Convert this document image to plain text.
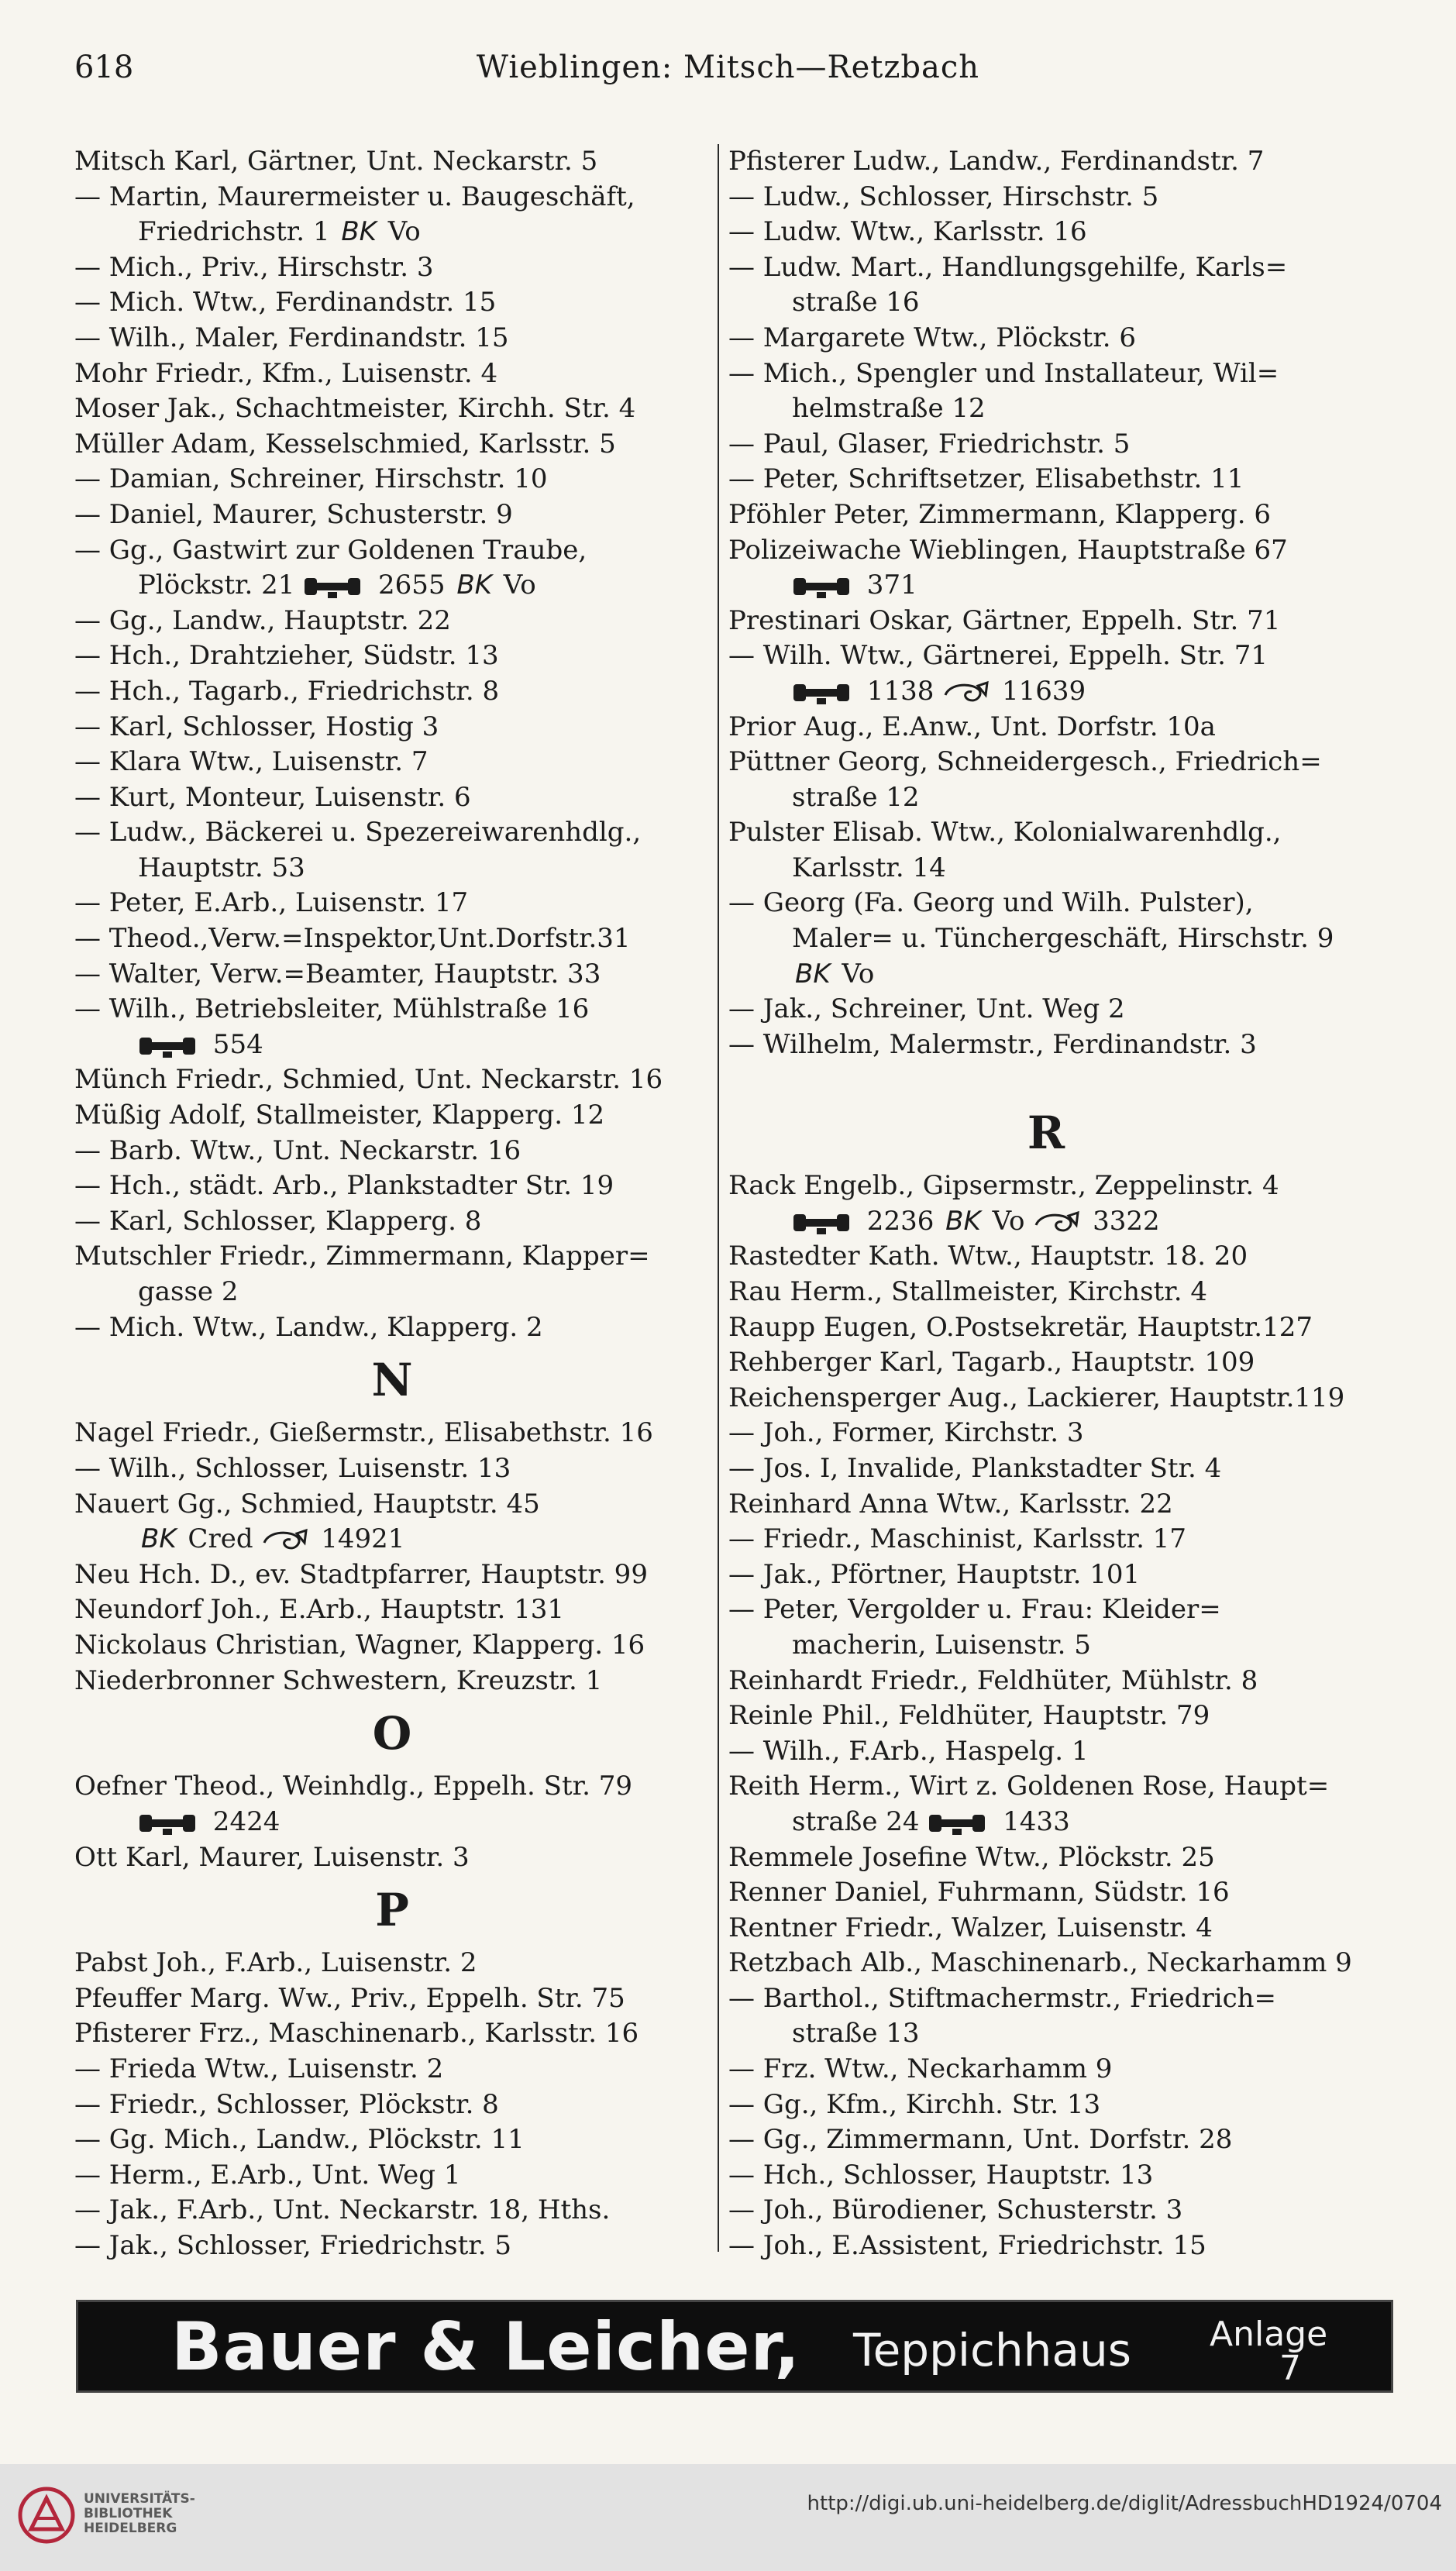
618	Wieblingen: Mitsch—Retzbach
Mitsch Karl, Gärtner, Unt. Neckarstr. 5
— Martin, Maurermeister u. Baugeschäft,
Friedrichstr. 1 BK Vo
— Mich., Priv., Hirschstr. 3
— Mich. Wtw., Ferdinandstr. 15
— Wilh., Maler, Ferdinandstr. 15
Mohr Friedr., Kfm., Luisenstr. 4
Moser Jak., Schachtmeister, Kirchh. Str. 4
Müller Adam, Kesselschmied, Karlsstr. 5
— Damian, Schreiner, Hirschstr. 10
— Daniel, Maurer, Schusterstr. 9
— Gg., Gastwirt zur Goldenen Traube,
Plöckstr. 21	2655 BK Vo
— Gg., Landw., Hauptstr. 22
— Hch., Drahtzieher, Südstr. 13
— Hch., Tagarb., Friedrichstr. 8
— Karl, Schlosser, Hostig 3
— Klara Wtw., Luisenstr. 7
— Kurt, Monteur, Luisenstr. 6
— Ludw., Bäckerei u. Spezereiwarenhdlg.,
Hauptstr. 53
— Peter, E.Arb., Luisenstr. 17
— Theod.,Verw.=Inspektor,Unt.Dorfstr.31
— Walter, Verw.=Beamter, Hauptstr. 33
— Wilh., Betriebsleiter, Mühlstraße 16
554
Münch Friedr., Schmied, Unt. Neckarstr. 16
Müßig Adolf, Stallmeister, Klapperg. 12
— Barb. Wtw., Unt. Neckarstr. 16
— Hch., städt. Arb., Plankstadter Str. 19
— Karl, Schlosser, Klapperg. 8
Mutschler Friedr., Zimmermann, Klapper=
gasse 2
— Mich. Wtw., Landw., Klapperg. 2
N
Nagel Friedr., Gießermstr., Elisabethstr. 16
— Wilh., Schlosser, Luisenstr. 13
Nauert Gg., Schmied, Hauptstr. 45
BK Cred  14921
Neu Hch. D., ev. Stadtpfarrer, Hauptstr. 99
Neundorf Joh., E.Arb., Hauptstr. 131
Nickolaus Christian, Wagner, Klapperg. 16
Niederbronner Schwestern, Kreuzstr. 1
O
Oefner Theod., Weinhdlg., Eppelh. Str. 79
2424
Ott Karl, Maurer, Luisenstr. 3
P
Pabst Joh., F.Arb., Luisenstr. 2
Pfeuffer Marg. Ww., Priv., Eppelh. Str. 75
Pfisterer Frz., Maschinenarb., Karlsstr. 16
— Frieda Wtw., Luisenstr. 2
— Friedr., Schlosser, Plöckstr. 8
— Gg. Mich., Landw., Plöckstr. 11
— Herm., E.Arb., Unt. Weg 1
— Jak., F.Arb., Unt. Neckarstr. 18, Hths.
— Jak., Schlosser, Friedrichstr. 5
Pfisterer Ludw., Landw., Ferdinandstr. 7
— Ludw., Schlosser, Hirschstr. 5
— Ludw. Wtw., Karlsstr. 16
— Ludw. Mart., Handlungsgehilfe, Karls=
straße 16
— Margarete Wtw., Plöckstr. 6
— Mich., Spengler und Installateur, Wil=
helmstraße 12
— Paul, Glaser, Friedrichstr. 5
— Peter, Schriftsetzer, Elisabethstr. 11
Pföhler Peter, Zimmermann, Klapperg. 6
Polizeiwache Wieblingen, Hauptstraße 67
371
Prestinari Oskar, Gärtner, Eppelh. Str. 71
— Wilh. Wtw., Gärtnerei, Eppelh. Str. 71
1138  11639
Prior Aug., E.Anw., Unt. Dorfstr. 10a
Püttner Georg, Schneidergesch., Friedrich=
straße 12
Pulster Elisab. Wtw., Kolonialwarenhdlg.,
Karlsstr. 14
— Georg (Fa. Georg und Wilh. Pulster),
Maler= u. Tünchergeschäft, Hirschstr. 9
BK Vo
— Jak., Schreiner, Unt. Weg 2
— Wilhelm, Malermstr., Ferdinandstr. 3
R
Rack Engelb., Gipsermstr., Zeppelinstr. 4
2236 BK Vo  3322
Rastedter Kath. Wtw., Hauptstr. 18. 20
Rau Herm., Stallmeister, Kirchstr. 4
Raupp Eugen, O.Postsekretär, Hauptstr.127
Rehberger Karl, Tagarb., Hauptstr. 109
Reichensperger Aug., Lackierer, Hauptstr.119
— Joh., Former, Kirchstr. 3
— Jos. I, Invalide, Plankstadter Str. 4
Reinhard Anna Wtw., Karlsstr. 22
— Friedr., Maschinist, Karlsstr. 17
— Jak., Pförtner, Hauptstr. 101
— Peter, Vergolder u. Frau: Kleider=
macherin, Luisenstr. 5
Reinhardt Friedr., Feldhüter, Mühlstr. 8
Reinle Phil., Feldhüter, Hauptstr. 79
— Wilh., F.Arb., Haspelg. 1
Reith Herm., Wirt z. Goldenen Rose, Haupt=
straße 24	1433
Remmele Josefine Wtw., Plöckstr. 25
Renner Daniel, Fuhrmann, Südstr. 16
Rentner Friedr., Walzer, Luisenstr. 4
Retzbach Alb., Maschinenarb., Neckarhamm 9
— Barthol., Stiftmachermstr., Friedrich=
straße 13
— Frz. Wtw., Neckarhamm 9
— Gg., Kfm., Kirchh. Str. 13
— Gg., Zimmermann, Unt. Dorfstr. 28
— Hch., Schlosser, Hauptstr. 13
— Joh., Bürodiener, Schusterstr. 3
— Joh., E.Assistent, Friedrichstr. 15
Bauer & Leicher, Teppichhaus Anlage
7
UNIVERSITÄTS-
BIBLIOTHEK
HEIDELBERG
http://digi.ub.uni-heidelberg.de/diglit/AdressbuchHD1924/0704
